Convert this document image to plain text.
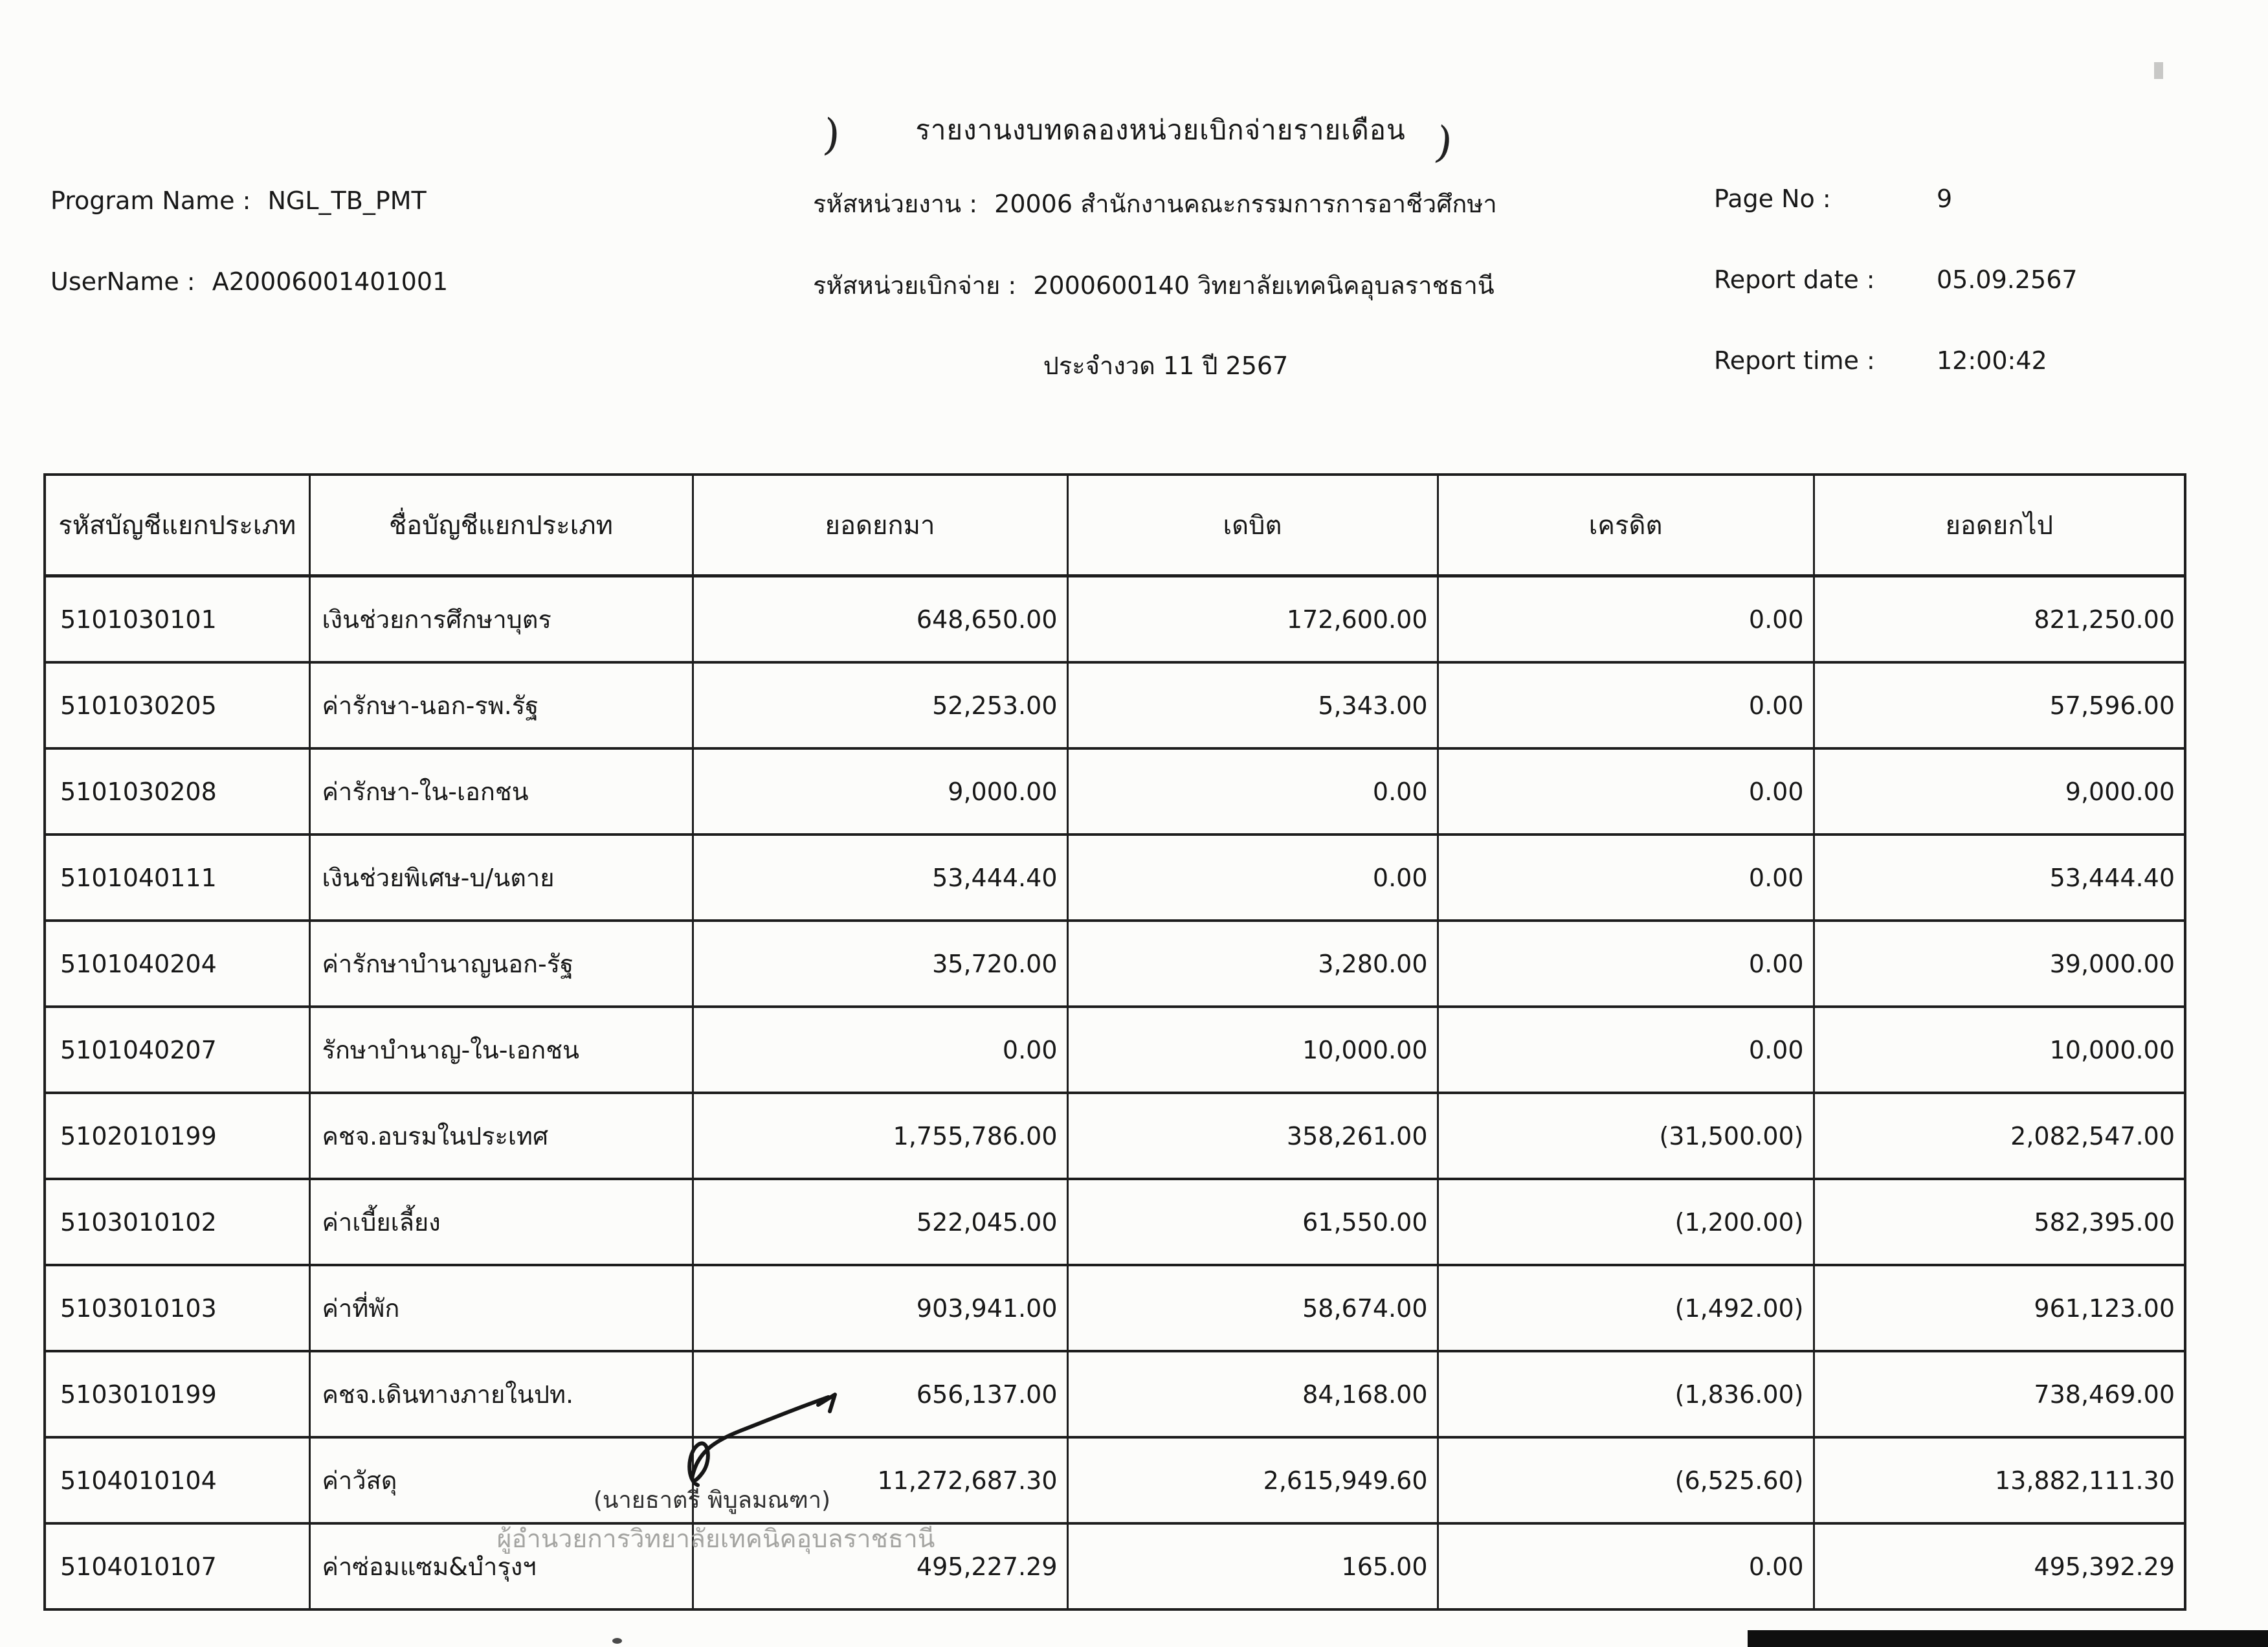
รายงานงบทดลองหน่วยเบิกจ่ายรายเดือน
)	)
Program Name : NGL_TB_PMT
UserName : A20006001401001
รหัสหน่วยงาน : 20006 สำนักงานคณะกรรมการการอาชีวศึกษา
รหัสหน่วยเบิกจ่าย : 2000600140 วิทยาลัยเทคนิคอุบลราชธานี
ประจำงวด 11 ปี 2567
Page No :	9
Report date :	05.09.2567
Report time :	12:00:42
รหัสบัญชีแยกประเภท	ชื่อบัญชีแยกประเภท	ยอดยกมา	เดบิต	เครดิต	ยอดยกไป
5101030101	เงินช่วยการศึกษาบุตร	648,650.00	172,600.00	0.00	821,250.00
5101030205	ค่ารักษา-นอก-รพ.รัฐ	52,253.00	5,343.00	0.00	57,596.00
5101030208	ค่ารักษา-ใน-เอกชน	9,000.00	0.00	0.00	9,000.00
5101040111	เงินช่วยพิเศษ-บ/นตาย	53,444.40	0.00	0.00	53,444.40
5101040204	ค่ารักษาบำนาญนอก-รัฐ	35,720.00	3,280.00	0.00	39,000.00
5101040207	รักษาบำนาญ-ใน-เอกชน	0.00	10,000.00	0.00	10,000.00
5102010199	คชจ.อบรมในประเทศ	1,755,786.00	358,261.00	(31,500.00)	2,082,547.00
5103010102	ค่าเบี้ยเลี้ยง	522,045.00	61,550.00	(1,200.00)	582,395.00
5103010103	ค่าที่พัก	903,941.00	58,674.00	(1,492.00)	961,123.00
5103010199	คชจ.เดินทางภายในปท.	656,137.00	84,168.00	(1,836.00)	738,469.00
5104010104	ค่าวัสดุ	11,272,687.30	2,615,949.60	(6,525.60)	13,882,111.30
5104010107	ค่าซ่อมแซม&บำรุงฯ	495,227.29	165.00	0.00	495,392.29
(นายธาตรี พิบูลมณฑา)
ผู้อำนวยการวิทยาลัยเทคนิคอุบลราชธานี
